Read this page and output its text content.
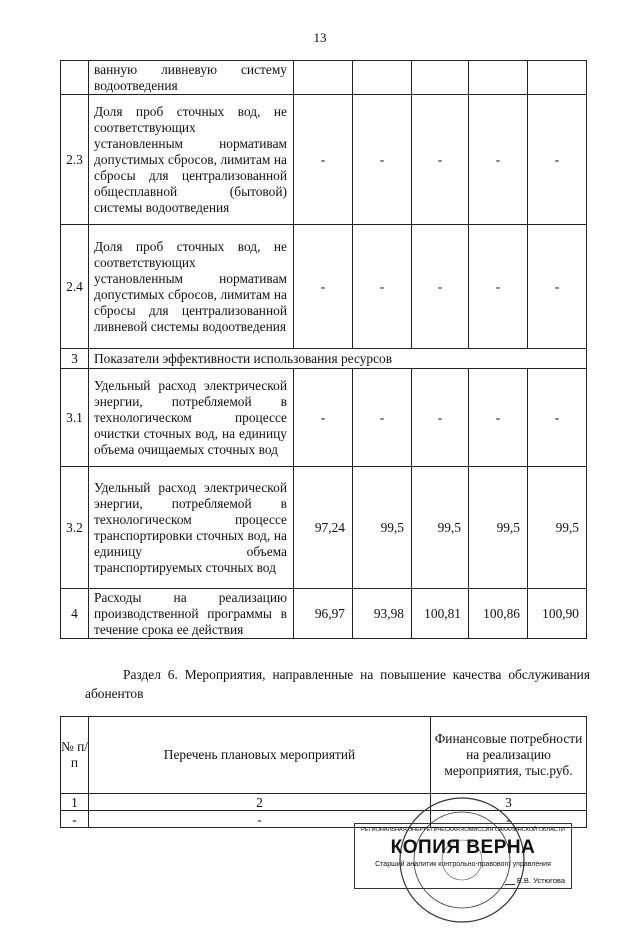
13
	ванную ливневую систему водоотведения					
2.3	Доля проб сточных вод, не соответствующих установленным нормативам допустимых сбросов, лимитам на сбросы для централизованной общесплавной (бытовой) системы водоотведения	-	-	-	-	-
2.4	Доля проб сточных вод, не соответствующих установленным нормативам допустимых сбросов, лимитам на сбросы для централизованной ливневой системы водоотведения	-	-	-	-	-
3	Показатели эффективности использования ресурсов					
3.1	Удельный расход электрической энергии, потребляемой в технологическом процессе очистки сточных вод, на единицу объема очищаемых сточных вод	-	-	-	-	-
3.2	Удельный расход электрической энергии, потребляемой в технологическом процессе транспортировки сточных вод, на единицу объема транспортируемых сточных вод	97,24	99,5	99,5	99,5	99,5
4	Расходы на реализацию производственной программы в течение срока ее действия	96,97	93,98	100,81	100,86	100,90
Раздел 6. Мероприятия, направленные на повышение качества обслуживания абонентов
№ п/п	Перечень плановых мероприятий	Финансовые потребности на реализацию мероприятия, тыс.руб.
1	2	3
-	-	-
РЕГИОНАЛЬНАЯ ЭНЕРГЕТИЧЕСКАЯ КОМИССИЯ САХАЛИНСКОЙ ОБЛАСТИ
КОПИЯ ВЕРНА
Старший аналитик контрольно-правового управления
Е.В. Устюгова
